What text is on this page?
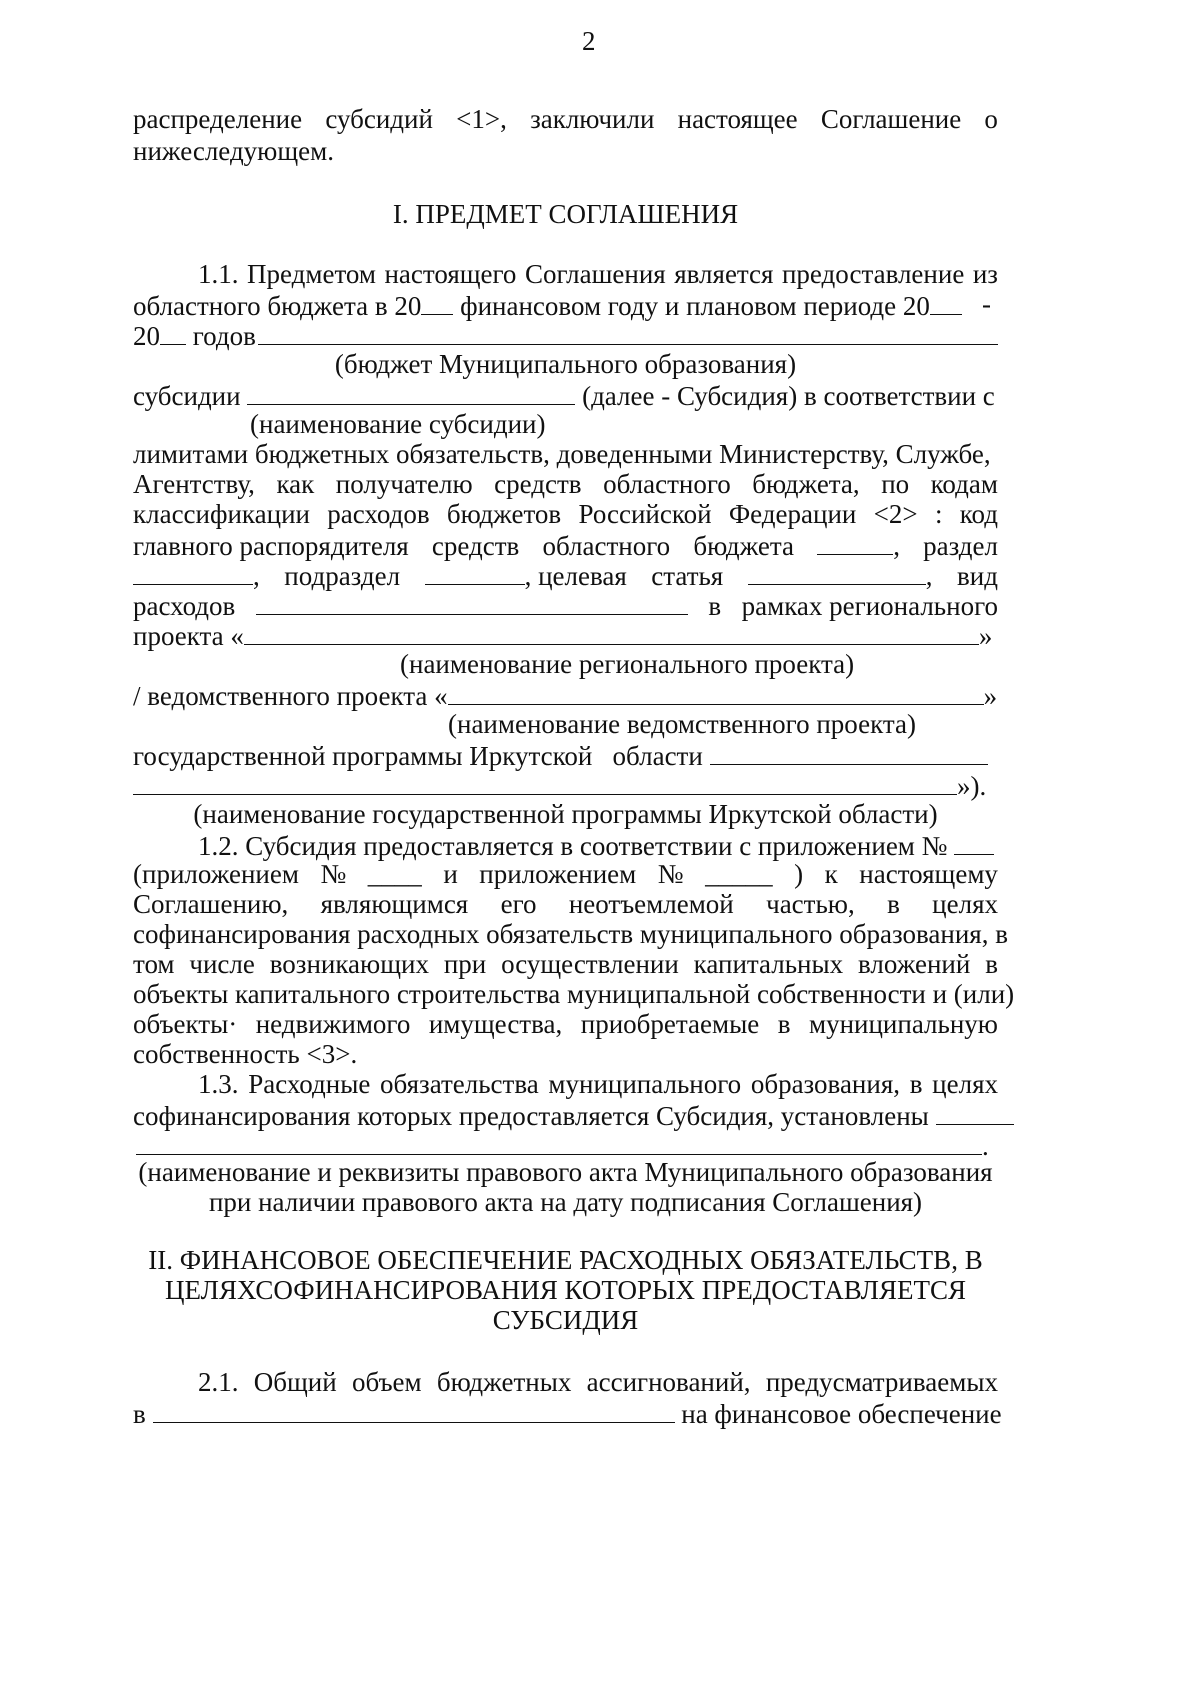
2
распределение субсидий <1>, заключили настоящее Соглашение о
нижеследующем.
I. ПРЕДМЕТ СОГЛАШЕНИЯ
1.1. Предметом настоящего Соглашения является предоставление из
областного бюджета в 20 финансовом году и плановом периоде 20	-
20 годов
(бюджет Муниципального образования)
субсидии	(далее - Субсидия) в соответствии с
(наименование субсидии)
лимитами бюджетных обязательств, доведенными Министерству, Службе,
Агентству, как получателю средств областного бюджета, по кодам
классификации расходов бюджетов Российской Федерации <2> : код
главного распорядителя средств областного бюджета	, раздел
, подраздел	, целевая статья	, вид
расходов	в рамках регионального
проекта «	»
(наименование регионального проекта)
/ ведомственного проекта «	»
(наименование ведомственного проекта)
государственной программы Иркутской области
»).
(наименование государственной программы Иркутской области)
1.2. Субсидия предоставляется в соответствии с приложением №
(приложением № ____ и приложением № _____ ) к настоящему
Соглашению, являющимся его неотъемлемой частью, в целях
софинансирования расходных обязательств муниципального образования, в
том числе возникающих при осуществлении капитальных вложений в
объекты капитального строительства муниципальной собственности и (или)
объекты· недвижимого имущества, приобретаемые в муниципальную
собственность <3>.
1.3. Расходные обязательства муниципального образования, в целях
софинансирования которых предоставляется Субсидия, установлены
.
(наименование и реквизиты правового акта Муниципального образования
при наличии правового акта на дату подписания Соглашения)
II. ФИНАНСОВОЕ ОБЕСПЕЧЕНИЕ РАСХОДНЫХ ОБЯЗАТЕЛЬСТВ, В
ЦЕЛЯХСОФИНАНСИРОВАНИЯ КОТОРЫХ ПРЕДОСТАВЛЯЕТСЯ
СУБСИДИЯ
2.1. Общий объем бюджетных ассигнований, предусматриваемых
в	на финансовое обеспечение
